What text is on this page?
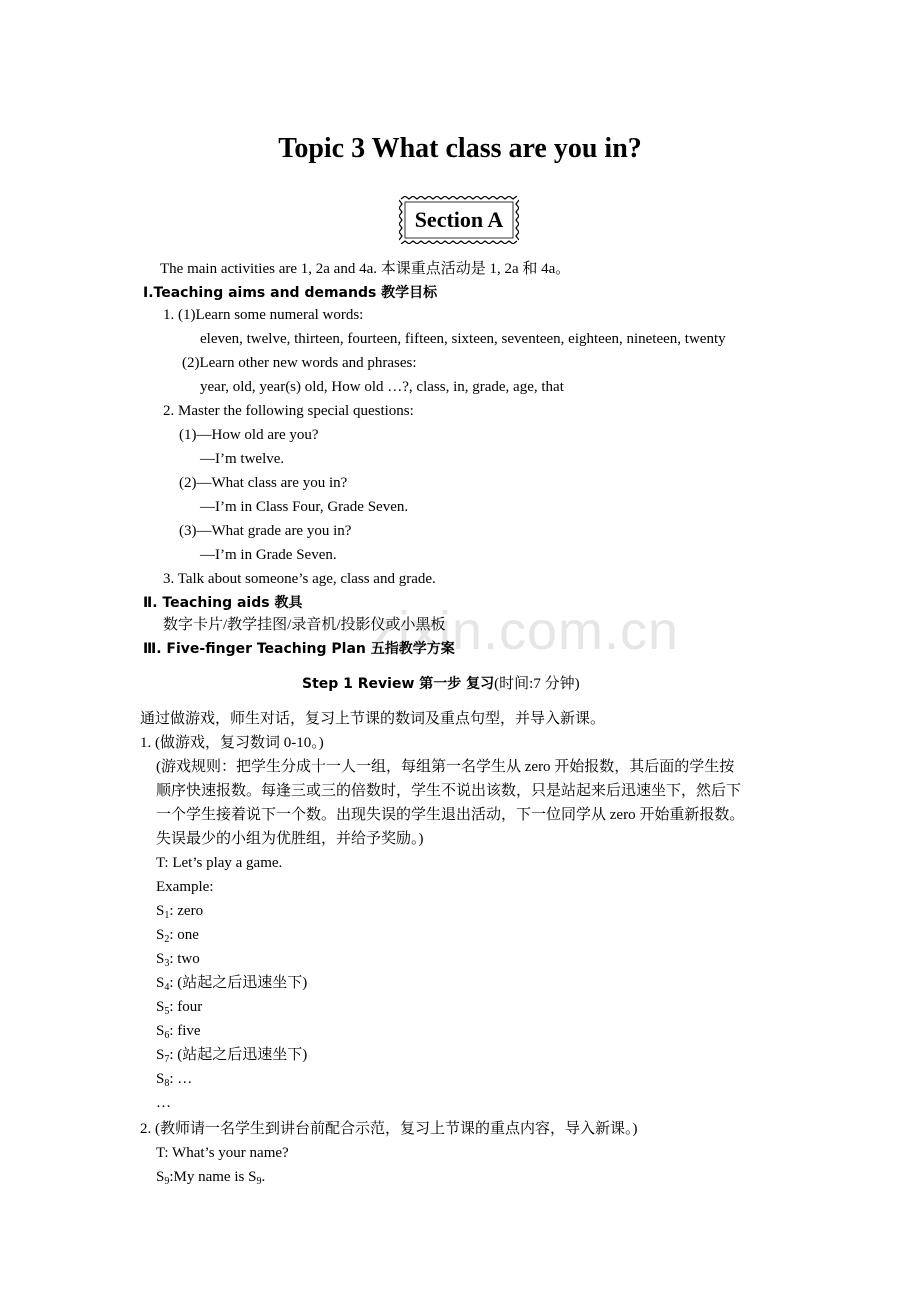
zixin.com.cn
Topic 3 What class are you in?
Section A
The main activities are 1, 2a and 4a. 本课重点活动是 1, 2a 和 4a。
Ⅰ.Teaching aims and demands 教学目标
1. (1)Learn some numeral words:
eleven, twelve, thirteen, fourteen, fifteen, sixteen, seventeen, eighteen, nineteen, twenty
(2)Learn other new words and phrases:
year, old, year(s) old, How old …?, class, in, grade, age, that
2. Master the following special questions:
(1)—How old are you?
—I’m twelve.
(2)—What class are you in?
—I’m in Class Four, Grade Seven.
(3)—What grade are you in?
—I’m in Grade Seven.
3. Talk about someone’s age, class and grade.
Ⅱ. Teaching aids 教具
数字卡片/教学挂图/录音机/投影仪或小黑板
Ⅲ. Five-finger Teaching Plan 五指教学方案
Step 1 Review 第一步 复习(时间:7 分钟)
通过做游戏，师生对话，复习上节课的数词及重点句型，并导入新课。
1. (做游戏，复习数词 0-10。)
(游戏规则：把学生分成十一人一组，每组第一名学生从 zero 开始报数，其后面的学生按
顺序快速报数。每逢三或三的倍数时，学生不说出该数，只是站起来后迅速坐下，然后下
一个学生接着说下一个数。出现失误的学生退出活动，下一位同学从 zero 开始重新报数。
失误最少的小组为优胜组，并给予奖励。)
T: Let’s play a game.
Example:
$S_1$: zero
$S_2$: one
$S_3$: two
$S_4$: (站起之后迅速坐下)
$S_5$: four
$S_6$: five
$S_7$: (站起之后迅速坐下)
$S_8$: …
…
2. (教师请一名学生到讲台前配合示范，复习上节课的重点内容，导入新课。)
T: What’s your name?
$S_9:My$ name is $S_9$.
